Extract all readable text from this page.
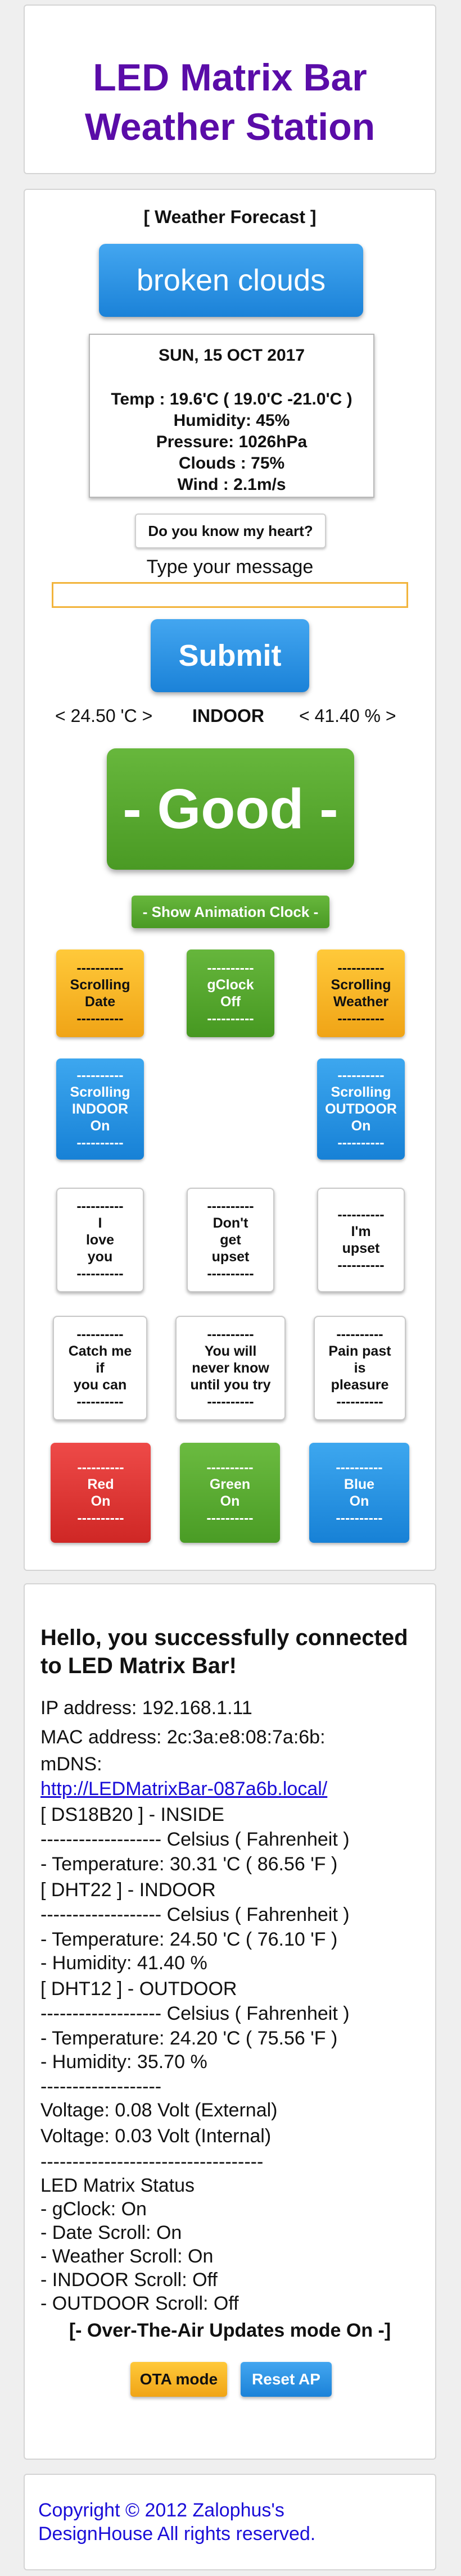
LED Matrix Bar
Weather Station
[ Weather Forecast ]
broken clouds
SUN, 15 OCT 2017
Temp : 19.6'C ( 19.0'C -21.0'C )
Humidity: 45%
Pressure: 1026hPa
Clouds : 75%
Wind : 2.1m/s
Do you know my heart?
Type your message
Submit
< 24.50 'C > INDOOR < 41.40 % >
- Good -
- Show Animation Clock -
----------
Scrolling
Date
----------
----------
gClock
Off
----------
----------
Scrolling
Weather
----------
----------
Scrolling
INDOOR
On
----------
----------
Scrolling
OUTDOOR
On
----------
----------
I
love
you
----------
----------
Don't
get
upset
----------
----------
I'm
upset
----------
----------
Catch me
if
you can
----------
----------
You will
never know
until you try
----------
----------
Pain past
is
pleasure
----------
----------
Red
On
----------
----------
Green
On
----------
----------
Blue
On
----------
Hello, you successfully connected
to LED Matrix Bar!
IP address: 192.168.1.11
MAC address: 2c:3a:e8:08:7a:6b:
mDNS:
http://LEDMatrixBar-087a6b.local/
[ DS18B20 ] - INSIDE
------------------- Celsius ( Fahrenheit )
- Temperature: 30.31 'C ( 86.56 'F )
[ DHT22 ] - INDOOR
------------------- Celsius ( Fahrenheit )
- Temperature: 24.50 'C ( 76.10 'F )
- Humidity: 41.40 %
[ DHT12 ] - OUTDOOR
------------------- Celsius ( Fahrenheit )
- Temperature: 24.20 'C ( 75.56 'F )
- Humidity: 35.70 %
-------------------
Voltage: 0.08 Volt (External)
Voltage: 0.03 Volt (Internal)
-----------------------------------
LED Matrix Status
- gClock: On
- Date Scroll: On
- Weather Scroll: On
- INDOOR Scroll: Off
- OUTDOOR Scroll: Off
[- Over-The-Air Updates mode On -]
OTA mode	Reset AP
Copyright © 2012 Zalophus's
DesignHouse All rights reserved.
